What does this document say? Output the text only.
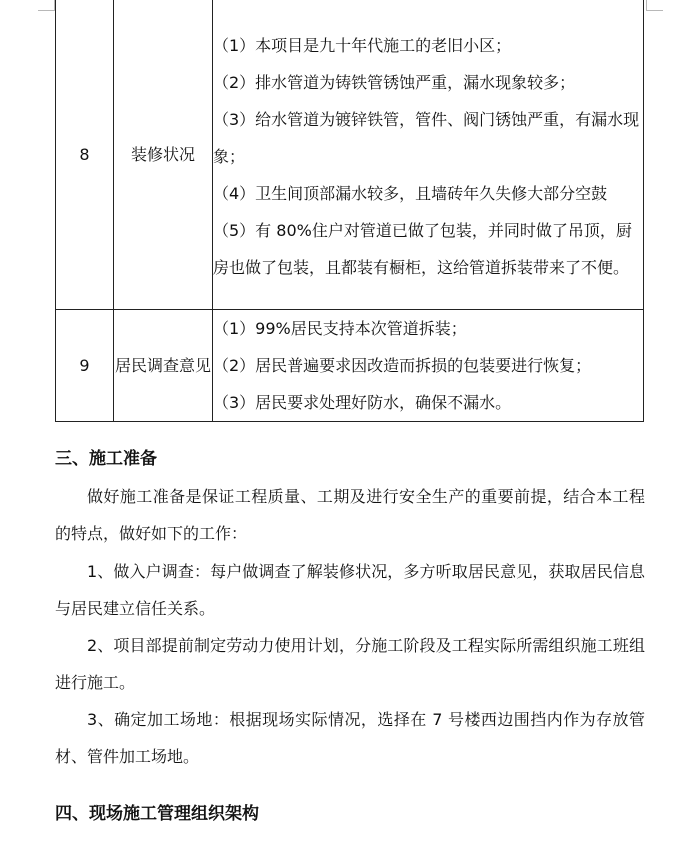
8	装修状况	（1）本项目是九十年代施工的老旧小区；
（2）排水管道为铸铁管锈蚀严重，漏水现象较多；
（3）给水管道为镀锌铁管，管件、阀门锈蚀严重，有漏水现象；
（4）卫生间顶部漏水较多，且墙砖年久失修大部分空鼓
（5）有 80%住户对管道已做了包装，并同时做了吊顶，厨房也做了包装，且都装有橱柜，这给管道拆装带来了不便。

9	居民调查意见	（1）99%居民支持本次管道拆装；
（2）居民普遍要求因改造而拆损的包装要进行恢复；
（3）居民要求处理好防水，确保不漏水。
三、施工准备
做好施工准备是保证工程质量、工期及进行安全生产的重要前提，结合本工程的特点，做好如下的工作：
1、做入户调查：每户做调查了解装修状况，多方听取居民意见，获取居民信息与居民建立信任关系。
2、项目部提前制定劳动力使用计划，分施工阶段及工程实际所需组织施工班组进行施工。
3、确定加工场地：根据现场实际情况，选择在 7 号楼西边围挡内作为存放管材、管件加工场地。
四、现场施工管理组织架构
